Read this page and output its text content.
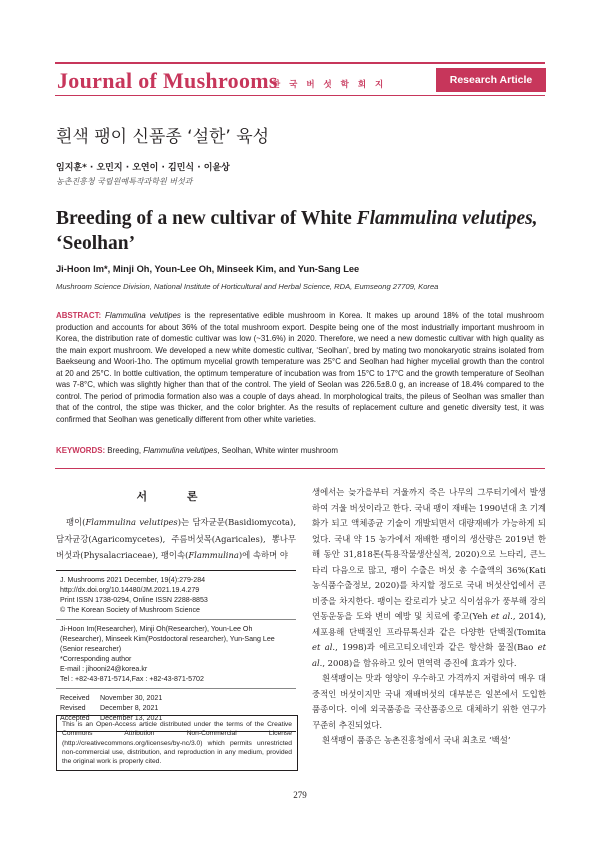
Journal of Mushrooms
한 국 버 섯 학 회 지	Research Article
흰색 팽이 신품종 ‘설한’ 육성
임지훈* · 오민지 · 오연이 · 김민식 · 이윤상
농촌진흥청 국립원예특작과학원 버섯과
Breeding of a new cultivar of White Flammulina velutipes,
‘Seolhan’
Ji-Hoon Im*, Minji Oh, Youn-Lee Oh, Minseek Kim, and Yun-Sang Lee
Mushroom Science Division, National Institute of Horticultural and Herbal Science, RDA, Eumseong 27709, Korea
ABSTRACT: Flammulina velutipes is the representative edible mushroom in Korea. It makes up around 18% of the total mushroom production and accounts for about 36% of the total mushroom export. Despite being one of the most industrially important mushroom in Korea, the distribution rate of domestic cultivar was low (~31.6%) in 2020. Therefore, we need a new domestic cultivar with high quality as the main export mushroom. We developed a new white domestic cultivar, ‘Seolhan’, bred by mating two monokaryotic strains isolated from Baekseung and Woori-1ho. The optimum mycelial growth temperature was 25°C and Seolhan had higher mycelial growth than the control at 20 and 25°C. In bottle cultivation, the optimum temperature of incubation was from 15°C to 17°C and the growth temperature of Seolhan was 7-8°C, which was slightly higher than that of the control. The yield of Seolan was 226.5±8.0 g, an increase of 18.4% compared to the control. The period of primodia formation also was a couple of days ahead. In morphological traits, the pileus of Seolhan was smaller than that of the control, the stipe was thicker, and the color brighter. As the results of replacement culture and genetic diversity test, it was confirmed that Seolhan was genetically different from other white varieties.
KEYWORDS: Breeding, Flammulina velutipes, Seolhan, White winter mushroom
서 론

팽이(Flammulina velutipes)는 담자균문(Basidiomycota), 담자균강(Agaricomycetes), 주름버섯목(Agaricales), 뽕나무버섯과(Physalacriaceae), 팽이속(Flammulina)에 속하며 야

J. Mushrooms 2021 December, 19(4):279-284
http://dx.doi.org/10.14480/JM.2021.19.4.279
Print ISSN 1738-0294, Online ISSN 2288-8853
© The Korean Society of Mushroom Science
Ji-Hoon Im(Researcher), Minji Oh(Researcher), Youn-Lee Oh (Researcher), Minseek Kim(Postdoctoral researcher), Yun-Sang Lee (Senior researcher)
*Corresponding author
E-mail : jihooni24@korea.kr
Tel : +82-43-871-5714,Fax : +82-43-871-5702
Received	November 30, 2021
Revised	December 8, 2021
Accepted	December 13, 2021
This is an Open-Access article distributed under the terms of the Creative Commons Attribution Non-Commercial License (http://creativecommons.org/licenses/by-nc/3.0) which permits unrestricted non-commercial use, distribution, and reproduction in any medium, provided the original work is properly cited.

생에서는 늦가을부터 겨울까지 죽은 나무의 그루터기에서 발생하여 겨울 버섯이라고 한다. 국내 팽이 재배는 1990년대 초 기계화가 되고 액체종균 기술이 개발되면서 대량재배가 가능하게 되었다. 국내 약 15 농가에서 재배한 팽이의 생산량은 2019년 한 해 동안 31,818톤(특용작물생산실적, 2020)으로 느타리, 큰느타리 다음으로 많고, 팽이 수출은 버섯 총 수출액의 36%(Kati 농식품수출정보, 2020)를 차지할 정도로 국내 버섯산업에서 큰 비중을 차지한다. 팽이는 칼로리가 낮고 식이섬유가 풍부해 장의 연동운동을 도와 변비 예방 및 치료에 좋고(Yeh et al., 2014), 세포용해 단백질인 프라뮤톡신과 같은 다양한 단백질(Tomita et al., 1998)과 에르고티오네인과 같은 항산화 물질(Bao et al., 2008)을 함유하고 있어 면역력 증진에 효과가 있다.

흰색팽이는 맛과 영양이 우수하고 가격까지 저렴하여 매우 대중적인 버섯이지만 국내 재배버섯의 대부분은 일본에서 도입한 품종이다. 이에 외국품종을 국산품종으로 대체하기 위한 연구가 꾸준히 추진되었다.

흰색팽이 품종은 농촌진흥청에서 국내 최초로 ‘백설’

279
